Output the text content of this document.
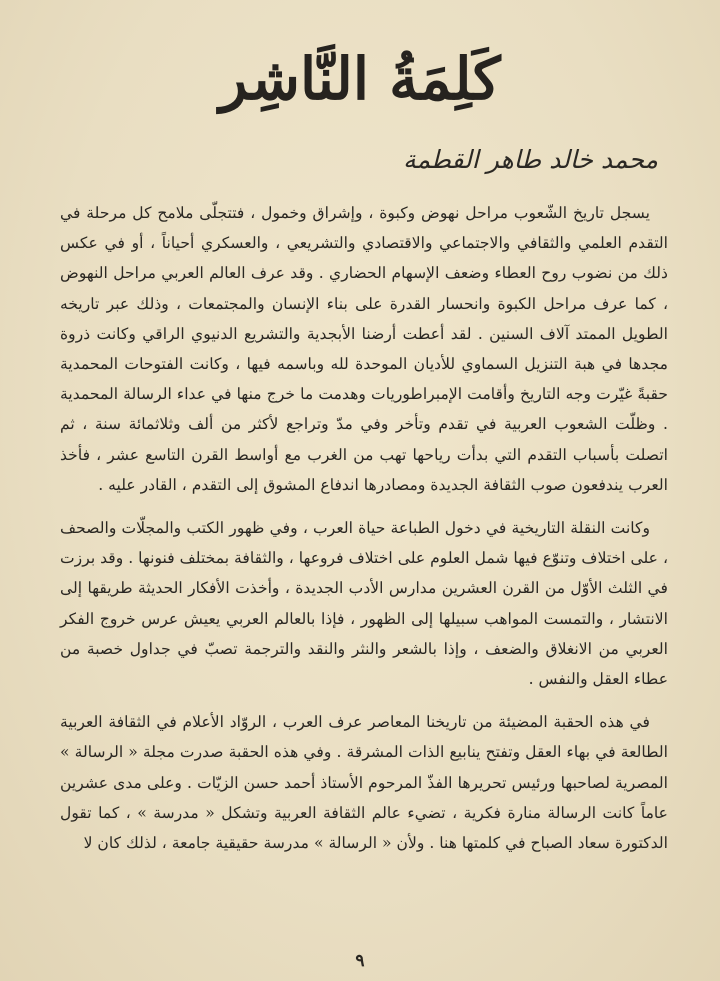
كَلِمَةُ النَّاشِر
محمد خالد طاهر القطمة

يسجل تاريخ الشّعوب مراحل نهوض وكبوة ، وإشراق وخمول ، فتتجلّى ملامح كل مرحلة في التقدم العلمي والثقافي والاجتماعي والاقتصادي والتشريعي ، والعسكري أحياناً ، أو في عكس ذلك من نضوب روح العطاء وضعف الإسهام الحضاري . وقد عرف العالم العربي مراحل النهوض ، كما عرف مراحل الكبوة وانحسار القدرة على بناء الإنسان والمجتمعات ، وذلك عبر تاريخه الطويل الممتد آلاف السنين . لقد أعطت أرضنا الأبجدية والتشريع الدنيوي الراقي وكانت ذروة مجدها في هبة التنزيل السماوي للأديان الموحدة لله وباسمه فيها ، وكانت الفتوحات المحمدية حقبةً غيّرت وجه التاريخ وأقامت الإمبراطوريات وهدمت ما خرج منها في عداء الرسالة المحمدية . وظلّت الشعوب العربية في تقدم وتأخر وفي مدّ وتراجع لأكثر من ألف وثلاثمائة سنة ، ثم اتصلت بأسباب التقدم التي بدأت رياحها تهب من الغرب مع أواسط القرن التاسع عشر ، فأخذ العرب يندفعون صوب الثقافة الجديدة ومصادرها اندفاع المشوق إلى التقدم ، القادر عليه .

وكانت النقلة التاريخية في دخول الطباعة حياة العرب ، وفي ظهور الكتب والمجلّات والصحف ، على اختلاف وتنوّع فيها شمل العلوم على اختلاف فروعها ، والثقافة بمختلف فنونها . وقد برزت في الثلث الأوّل من القرن العشرين مدارس الأدب الجديدة ، وأخذت الأفكار الحديثة طريقها إلى الانتشار ، والتمست المواهب سبيلها إلى الظهور ، فإذا بالعالم العربي يعيش عرس خروج الفكر العربي من الانغلاق والضعف ، وإذا بالشعر والنثر والنقد والترجمة تصبّ في جداول خصبة من عطاء العقل والنفس .

في هذه الحقبة المضيئة من تاريخنا المعاصر عرف العرب ، الروّاد الأعلام في الثقافة العربية الطالعة في بهاء العقل وتفتح ينابيع الذات المشرقة . وفي هذه الحقبة صدرت مجلة « الرسالة » المصرية لصاحبها ورئيس تحريرها الفذّ المرحوم الأستاذ أحمد حسن الزيّات . وعلى مدى عشرين عاماً كانت الرسالة منارة فكرية ، تضيء عالم الثقافة العربية وتشكل « مدرسة » ، كما تقول الدكتورة سعاد الصباح في كلمتها هنا . ولأن « الرسالة » مدرسة حقيقية جامعة ، لذلك كان لا

٩
